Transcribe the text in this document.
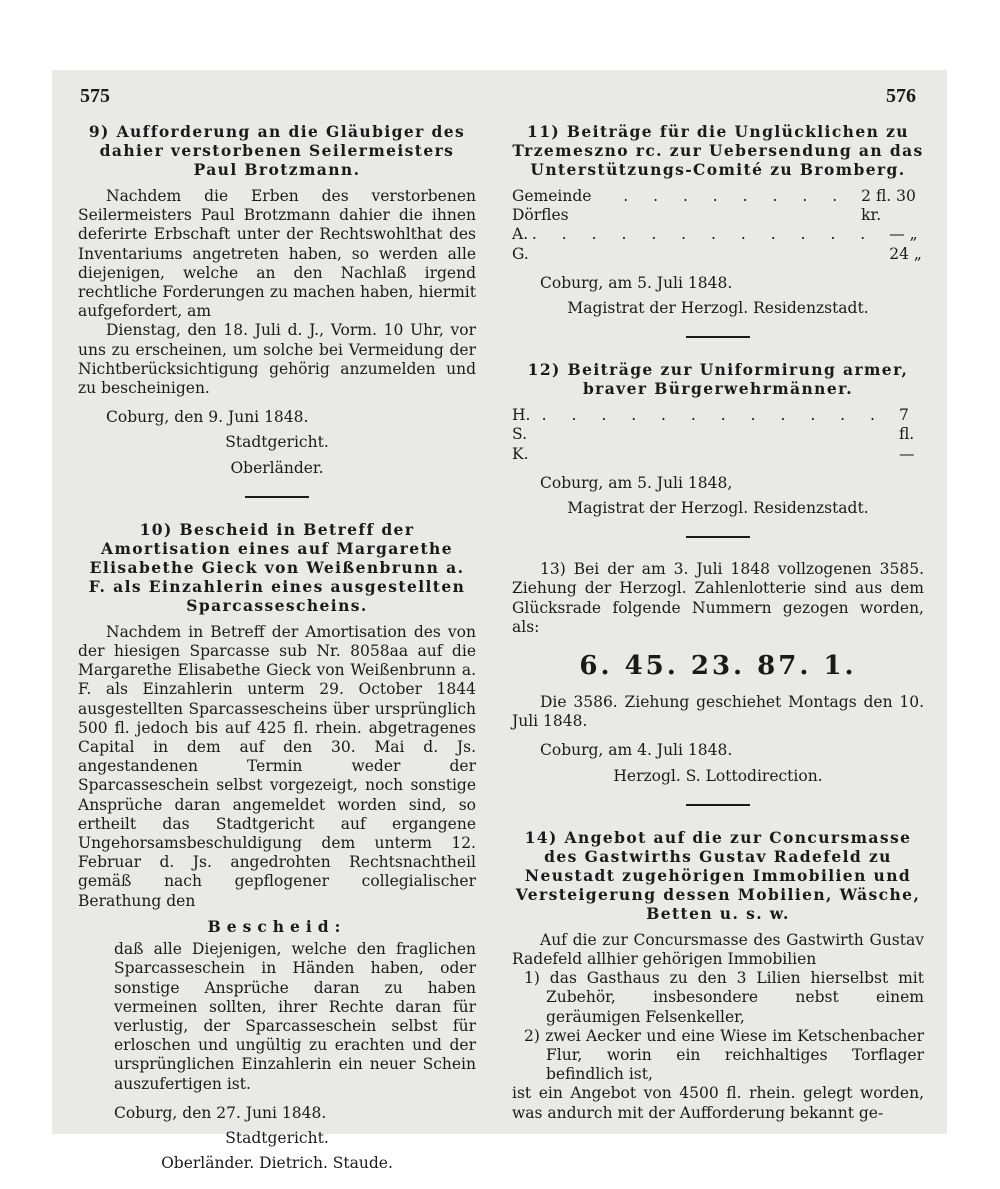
575	576

9) Aufforderung an die Gläubiger des dahier verstorbenen Seilermeisters Paul Brotzmann.

Nachdem die Erben des verstorbenen Seilermeisters Paul Brotzmann dahier die ihnen deferirte Erbschaft unter der Rechtswohlthat des Inventariums angetreten haben, so werden alle diejenigen, welche an den Nachlaß irgend rechtliche Forderungen zu machen haben, hiermit aufgefordert, am

Dienstag, den 18. Juli d. J., Vorm. 10 Uhr, vor uns zu erscheinen, um solche bei Vermeidung der Nichtberücksichtigung gehörig anzumelden und zu bescheinigen.

Coburg, den 9. Juni 1848.

Stadtgericht.

Oberländer.

10) Bescheid in Betreff der Amortisation eines auf Margarethe Elisabethe Gieck von Weißenbrunn a. F. als Einzahlerin eines ausgestellten Sparcassescheins.

Nachdem in Betreff der Amortisation des von der hiesigen Sparcasse sub Nr. 8058aa auf die Margarethe Elisabethe Gieck von Weißenbrunn a. F. als Einzahlerin unterm 29. October 1844 ausgestellten Sparcassescheins über ursprünglich 500 fl. jedoch bis auf 425 fl. rhein. abgetragenes Capital in dem auf den 30. Mai d. Js. angestandenen Termin weder der Sparcasseschein selbst vorgezeigt, noch sonstige Ansprüche daran angemeldet worden sind, so ertheilt das Stadtgericht auf ergangene Ungehorsamsbeschuldigung dem unterm 12. Februar d. Js. angedrohten Rechtsnachtheil gemäß nach gepflogener collegialischer Berathung den

Bescheid:

daß alle Diejenigen, welche den fraglichen Sparcasseschein in Händen haben, oder sonstige Ansprüche daran zu haben vermeinen sollten, ihrer Rechte daran für verlustig, der Sparcasseschein selbst für erloschen und ungültig zu erachten und der ursprünglichen Einzahlerin ein neuer Schein auszufertigen ist.

Coburg, den 27. Juni 1848.

Stadtgericht.

Oberländer. Dietrich. Staude.

11) Beiträge für die Unglücklichen zu Trzemeszno rc. zur Uebersendung an das Unterstützungs-Comité zu Bromberg.

Gemeinde Dörfles
. . . . . . . . 2 fl. 30 kr.
A. G.
. . . . . . . . . . . . — „ 24 „

Coburg, am 5. Juli 1848.

Magistrat der Herzogl. Residenzstadt.

12) Beiträge zur Uniformirung armer, braver Bürgerwehrmänner.

H. S. K.
. . . . . . . . . . . . 7 fl. —

Coburg, am 5. Juli 1848,

Magistrat der Herzogl. Residenzstadt.

13) Bei der am 3. Juli 1848 vollzogenen 3585. Ziehung der Herzogl. Zahlenlotterie sind aus dem Glücksrade folgende Nummern gezogen worden, als:

6. 45. 23. 87. 1.

Die 3586. Ziehung geschiehet Montags den 10. Juli 1848.

Coburg, am 4. Juli 1848.

Herzogl. S. Lottodirection.

14) Angebot auf die zur Concursmasse des Gastwirths Gustav Radefeld zu Neustadt zugehörigen Immobilien und Versteigerung dessen Mobilien, Wäsche, Betten u. s. w.

Auf die zur Concursmasse des Gastwirth Gustav Radefeld allhier gehörigen Immobilien

1) das Gasthaus zu den 3 Lilien hierselbst mit Zubehör, insbesondere nebst einem geräumigen Felsenkeller,

2) zwei Aecker und eine Wiese im Ketschenbacher Flur, worin ein reichhaltiges Torflager befindlich ist,

ist ein Angebot von 4500 fl. rhein. gelegt worden, was andurch mit der Aufforderung bekannt ge-
